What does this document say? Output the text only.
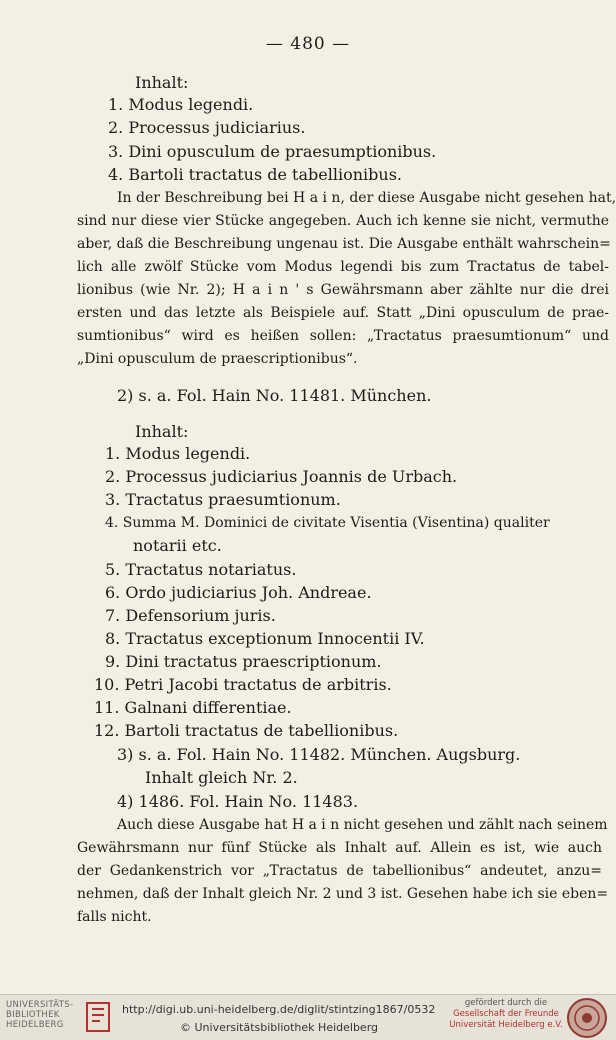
— 480 —
Inhalt:
1. Modus legendi.
2. Processus judiciarius.
3. Dini opusculum de praesumptionibus.
4. Bartoli tractatus de tabellionibus.
In der Beschreibung bei H a i n, der diese Ausgabe nicht gesehen hat,
sind nur diese vier Stücke angegeben. Auch ich kenne sie nicht, vermuthe
aber, daß die Beschreibung ungenau ist. Die Ausgabe enthält wahrschein=
lich alle zwölf Stücke vom Modus legendi bis zum Tractatus de tabel-
lionibus (wie Nr. 2); H a i n ' s Gewährsmann aber zählte nur die drei
ersten und das letzte als Beispiele auf. Statt „Dini opusculum de prae-
sumtionibus“ wird es heißen sollen: „Tractatus praesumtionum“ und
„Dini opusculum de praescriptionibus“.
2) s. a. Fol. Hain No. 11481. München.
Inhalt:
1. Modus legendi.
2. Processus judiciarius Joannis de Urbach.
3. Tractatus praesumtionum.
4. Summa M. Dominici de civitate Visentia (Visentina) qualiter
notarii etc.
5. Tractatus notariatus.
6. Ordo judiciarius Joh. Andreae.
7. Defensorium juris.
8. Tractatus exceptionum Innocentii IV.
9. Dini tractatus praescriptionum.
10. Petri Jacobi tractatus de arbitris.
11. Galnani differentiae.
12. Bartoli tractatus de tabellionibus.
3) s. a. Fol. Hain No. 11482. München. Augsburg.
Inhalt gleich Nr. 2.
4) 1486. Fol. Hain No. 11483.
Auch diese Ausgabe hat H a i n nicht gesehen und zählt nach seinem
Gewährsmann nur fünf Stücke als Inhalt auf. Allein es ist, wie auch
der Gedankenstrich vor „Tractatus de tabellionibus“ andeutet, anzu=
nehmen, daß der Inhalt gleich Nr. 2 und 3 ist. Gesehen habe ich sie eben=
falls nicht.
UNIVERSITÄTS-
BIBLIOTHEK
HEIDELBERG
http://digi.ub.uni-heidelberg.de/diglit/stintzing1867/0532
© Universitätsbibliothek Heidelberg
gefördert durch die
Gesellschaft der Freunde
Universität Heidelberg e.V.
